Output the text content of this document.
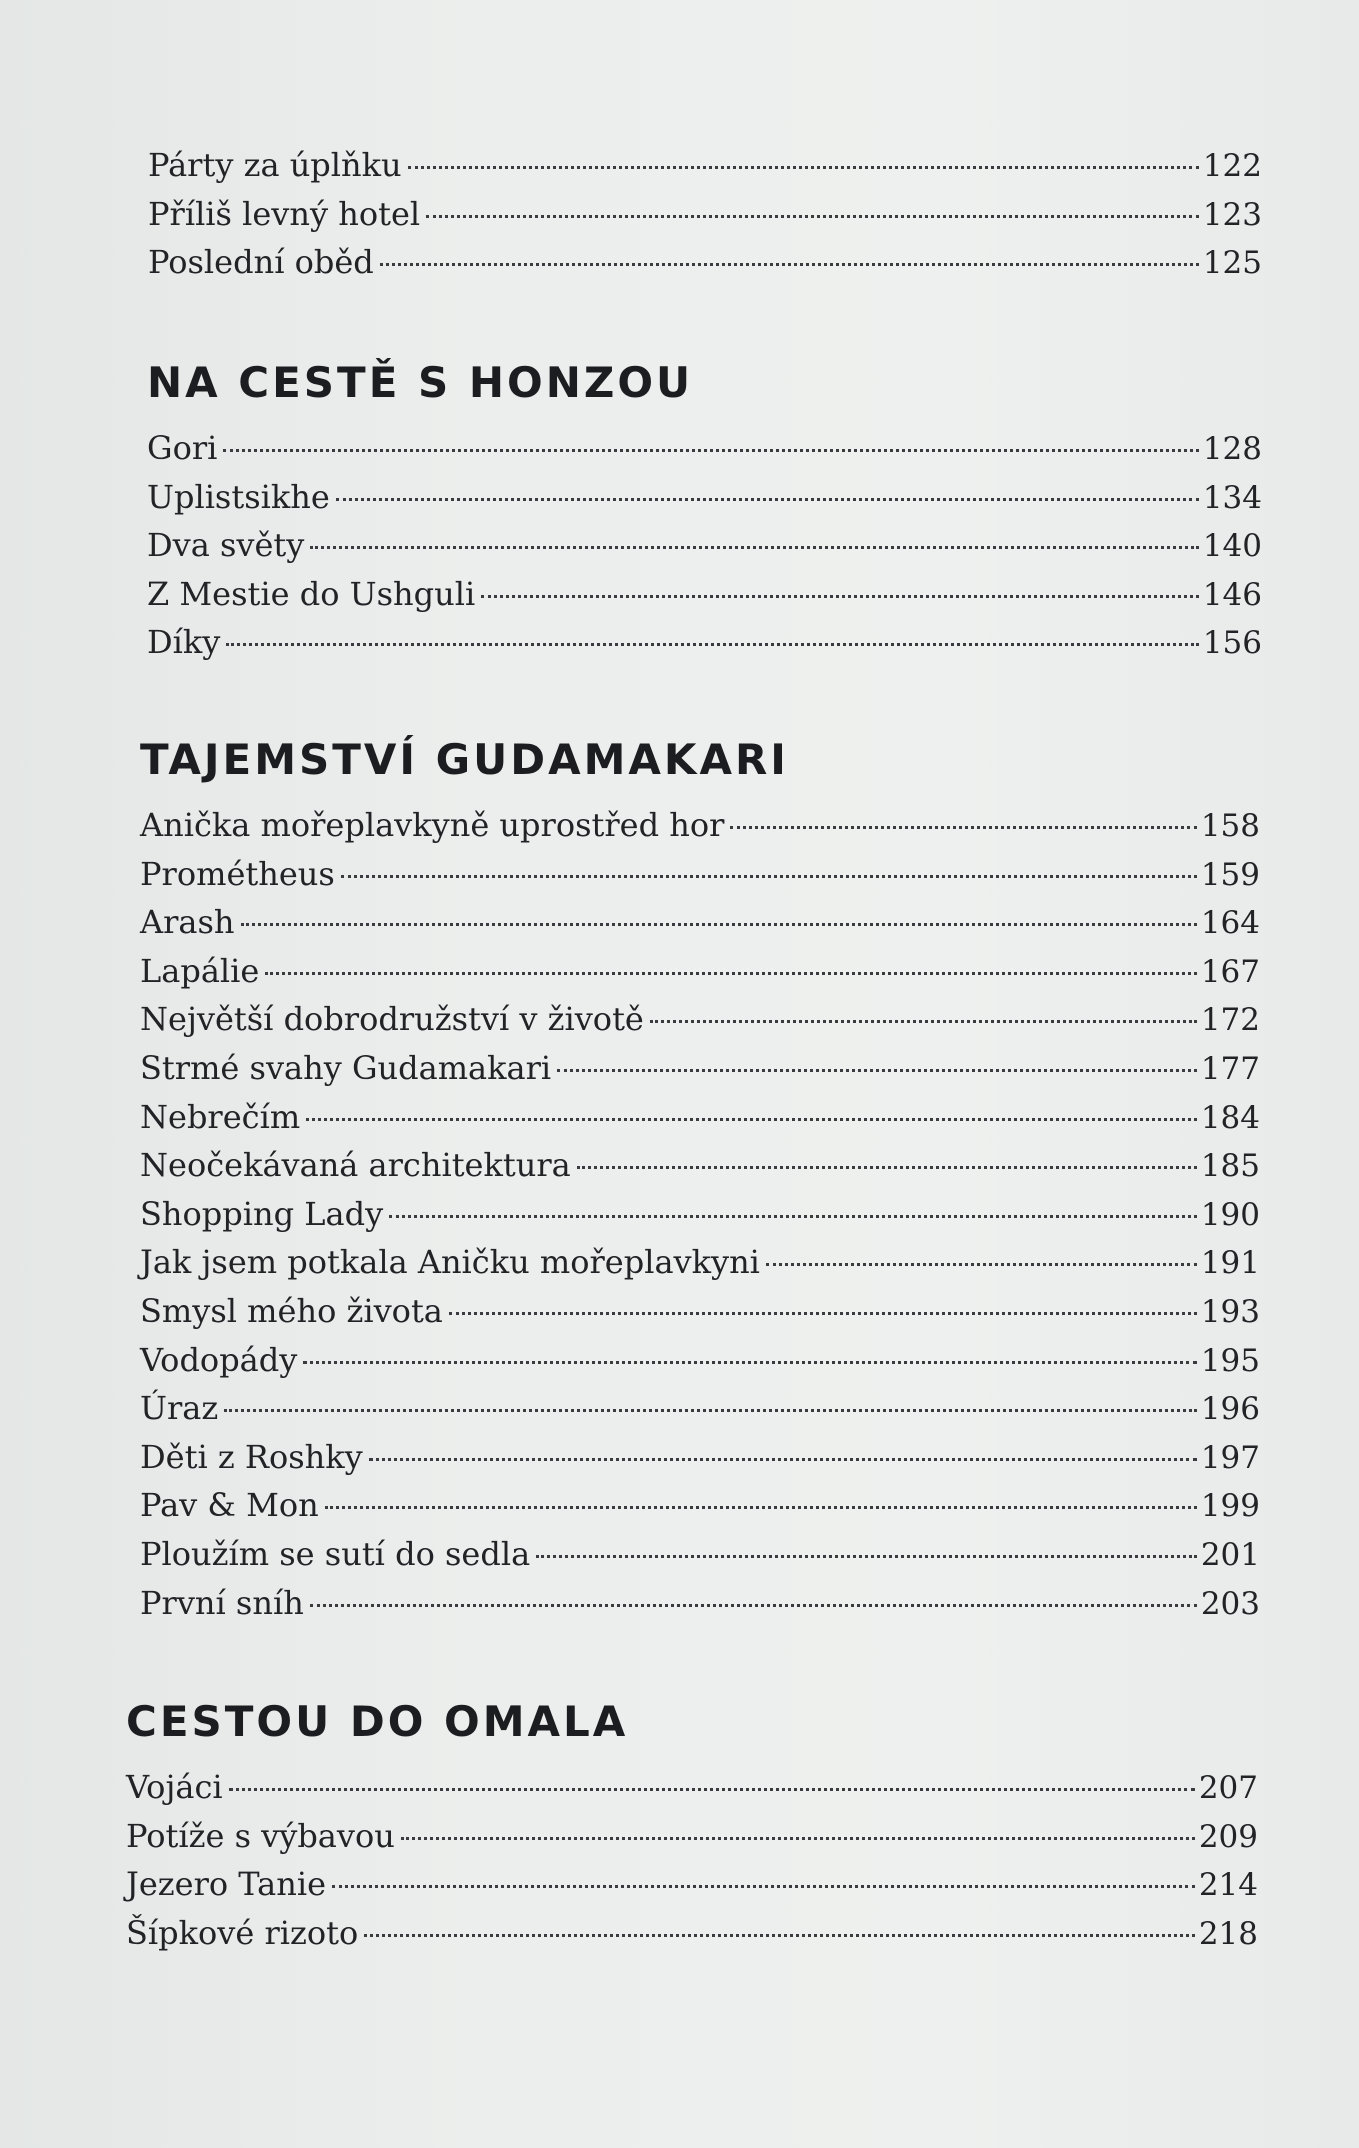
Párty za úplňku	122
Příliš levný hotel	123
Poslední oběd	125
NA CESTĚ S HONZOU
Gori	128
Uplistsikhe	134
Dva světy	140
Z Mestie do Ushguli	146
Díky	156
TAJEMSTVÍ GUDAMAKARI
Anička mořeplavkyně uprostřed hor	158
Prométheus	159
Arash	164
Lapálie	167
Největší dobrodružství v životě	172
Strmé svahy Gudamakari	177
Nebrečím	184
Neočekávaná architektura	185
Shopping Lady	190
Jak jsem potkala Aničku mořeplavkyni	191
Smysl mého života	193
Vodopády	195
Úraz	196
Děti z Roshky	197
Pav & Mon	199
Ploužím se sutí do sedla	201
První sníh	203
CESTOU DO OMALA
Vojáci	207
Potíže s výbavou	209
Jezero Tanie	214
Šípkové rizoto	218
